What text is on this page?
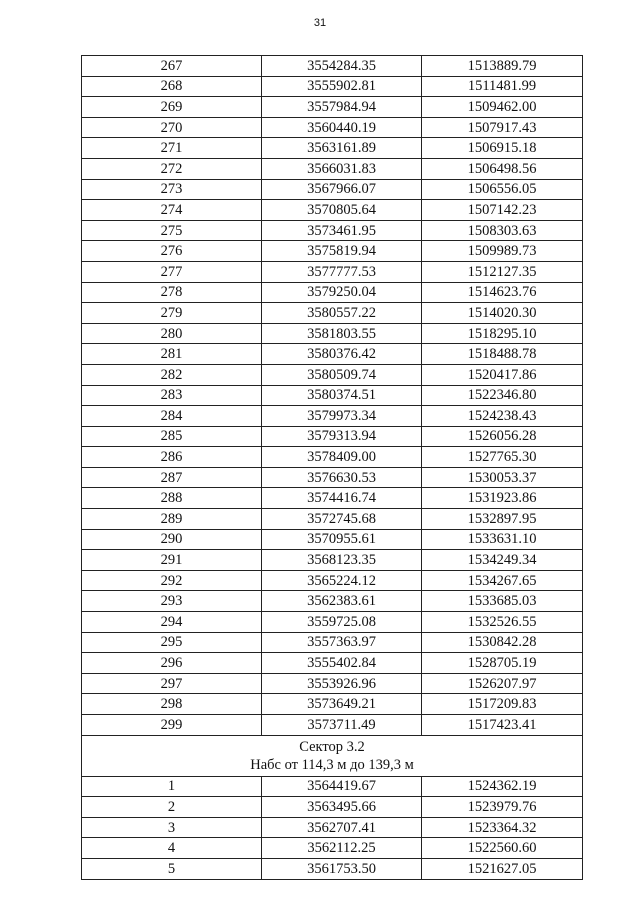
31
267	3554284.35	1513889.79
268	3555902.81	1511481.99
269	3557984.94	1509462.00
270	3560440.19	1507917.43
271	3563161.89	1506915.18
272	3566031.83	1506498.56
273	3567966.07	1506556.05
274	3570805.64	1507142.23
275	3573461.95	1508303.63
276	3575819.94	1509989.73
277	3577777.53	1512127.35
278	3579250.04	1514623.76
279	3580557.22	1514020.30
280	3581803.55	1518295.10
281	3580376.42	1518488.78
282	3580509.74	1520417.86
283	3580374.51	1522346.80
284	3579973.34	1524238.43
285	3579313.94	1526056.28
286	3578409.00	1527765.30
287	3576630.53	1530053.37
288	3574416.74	1531923.86
289	3572745.68	1532897.95
290	3570955.61	1533631.10
291	3568123.35	1534249.34
292	3565224.12	1534267.65
293	3562383.61	1533685.03
294	3559725.08	1532526.55
295	3557363.97	1530842.28
296	3555402.84	1528705.19
297	3553926.96	1526207.97
298	3573649.21	1517209.83
299	3573711.49	1517423.41

Сектор 3.2
Набс от 114,3 м до 139,3 м		

1	3564419.67	1524362.19
2	3563495.66	1523979.76
3	3562707.41	1523364.32
4	3562112.25	1522560.60
5	3561753.50	1521627.05
